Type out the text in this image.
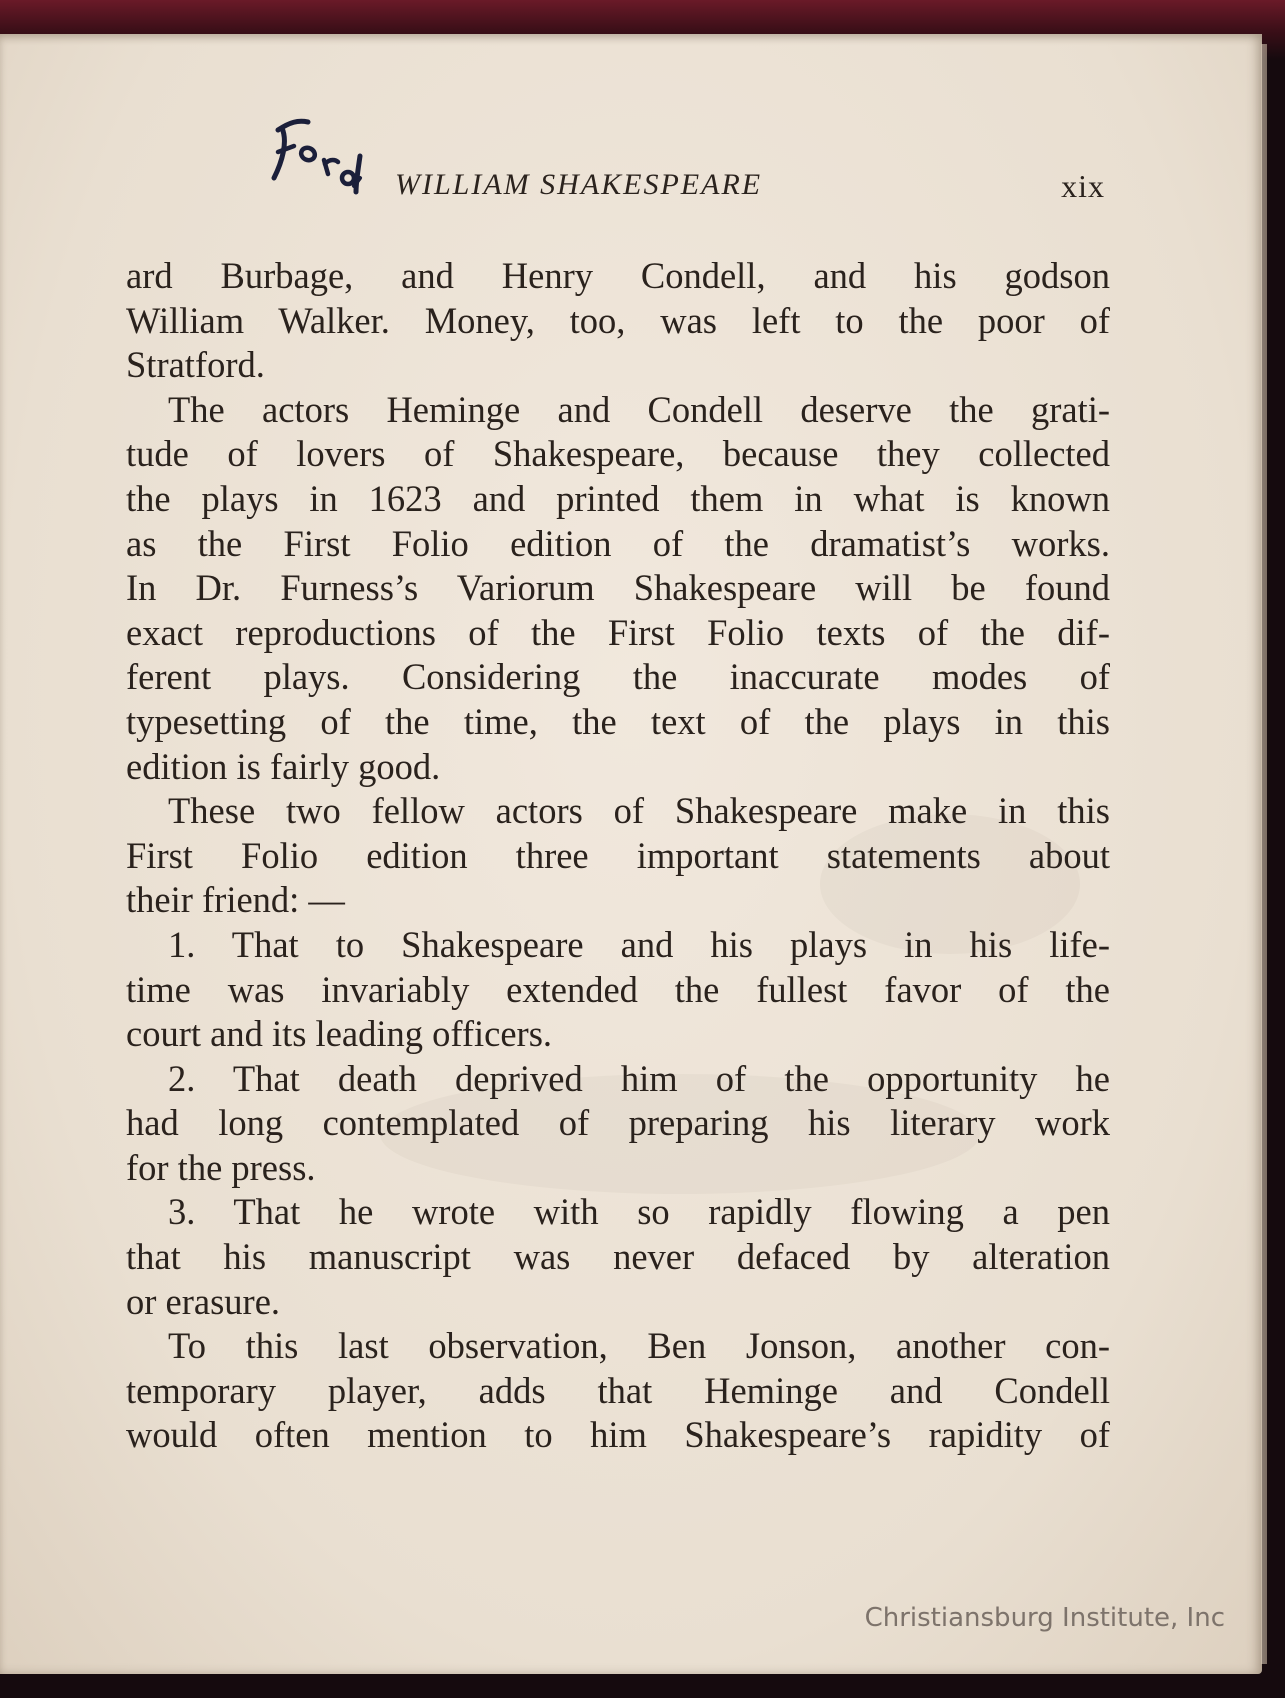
WILLIAM SHAKESPEARE	xix
ard Burbage, and Henry Condell, and his godson
William Walker. Money, too, was left to the poor of
Stratford.
The actors Heminge and Condell deserve the grati-
tude of lovers of Shakespeare, because they collected
the plays in 1623 and printed them in what is known
as the First Folio edition of the dramatist’s works.
In Dr. Furness’s Variorum Shakespeare will be found
exact reproductions of the First Folio texts of the dif-
ferent plays. Considering the inaccurate modes of
typesetting of the time, the text of the plays in this
edition is fairly good.
These two fellow actors of Shakespeare make in this
First Folio edition three important statements about
their friend: —
1. That to Shakespeare and his plays in his life-
time was invariably extended the fullest favor of the
court and its leading officers.
2. That death deprived him of the opportunity he
had long contemplated of preparing his literary work
for the press.
3. That he wrote with so rapidly flowing a pen
that his manuscript was never defaced by alteration
or erasure.
To this last observation, Ben Jonson, another con-
temporary player, adds that Heminge and Condell
would often mention to him Shakespeare’s rapidity of
Christiansburg Institute, Inc
